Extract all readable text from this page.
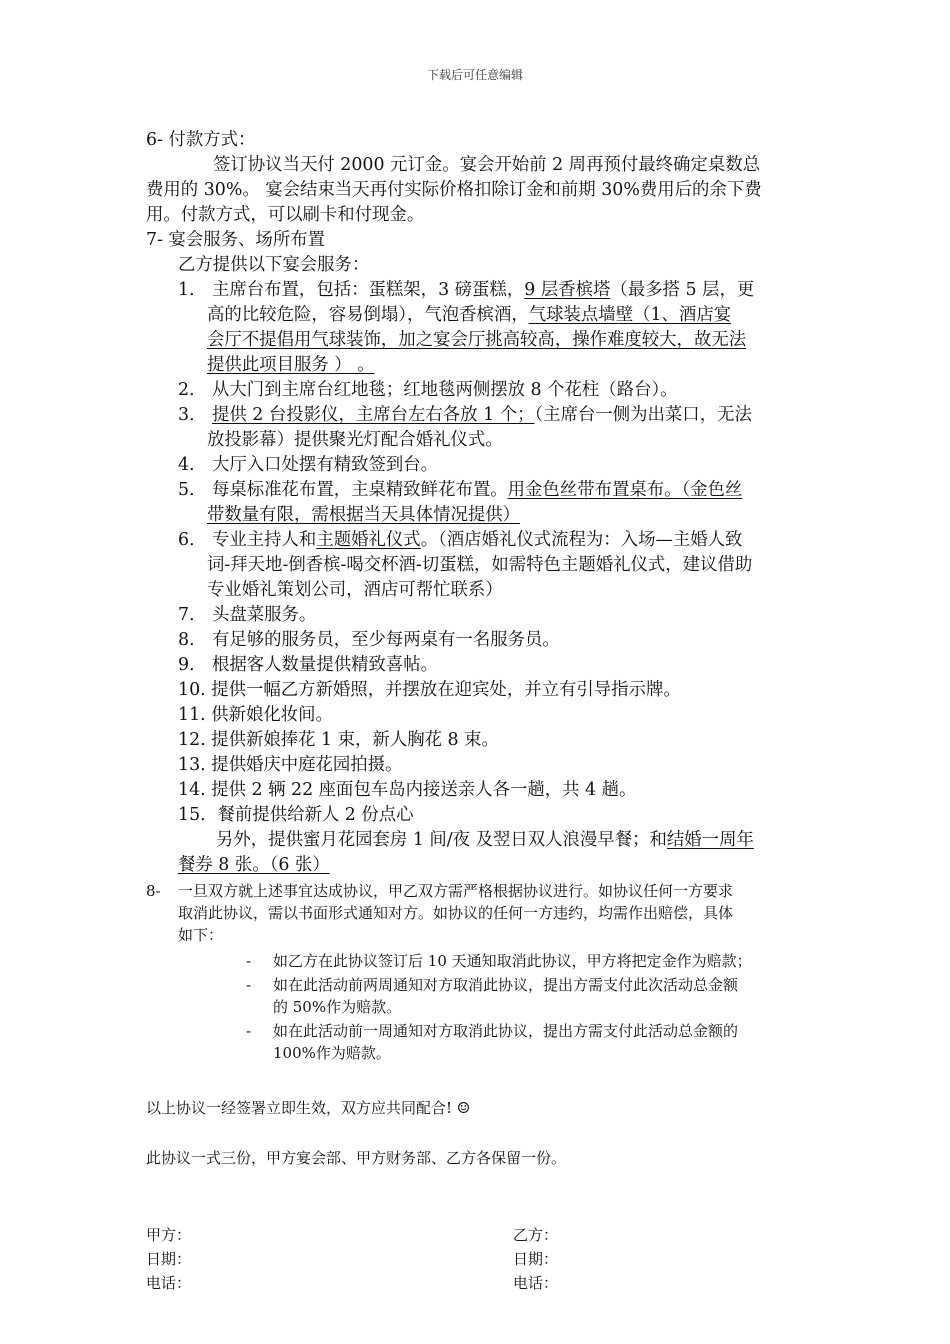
下载后可任意编辑
6- 付款方式：
签订协议当天付 2000 元订金。宴会开始前 2 周再预付最终确定桌数总
费用的 30%。 宴会结束当天再付实际价格扣除订金和前期 30%费用后的余下费
用。付款方式，可以刷卡和付现金。
7- 宴会服务、场所布置
乙方提供以下宴会服务：
1． 主席台布置，包括：蛋糕架，3 磅蛋糕，9 层香槟塔（最多搭 5 层，更
高的比较危险，容易倒塌），气泡香槟酒，气球装点墙壁（1、酒店宴
会厅不提倡用气球装饰，加之宴会厅挑高较高，操作难度较大，故无法
提供此项目服务 ） 。
2． 从大门到主席台红地毯；红地毯两侧摆放 8 个花柱（路台）。
3． 提供 2 台投影仪，主席台左右各放 1 个；（主席台一侧为出菜口，无法
放投影幕）提供聚光灯配合婚礼仪式。
4． 大厅入口处摆有精致签到台。
5． 每桌标准花布置，主桌精致鲜花布置。用金色丝带布置桌布。（金色丝
带数量有限，需根据当天具体情况提供）
6． 专业主持人和主题婚礼仪式。（酒店婚礼仪式流程为：入场—主婚人致
词-拜天地-倒香槟-喝交杯酒-切蛋糕，如需特色主题婚礼仪式，建议借助
专业婚礼策划公司，酒店可帮忙联系）
7． 头盘菜服务。
8． 有足够的服务员，至少每两桌有一名服务员。
9． 根据客人数量提供精致喜帖。
10. 提供一幅乙方新婚照，并摆放在迎宾处，并立有引导指示牌。
11. 供新娘化妆间。
12. 提供新娘捧花 1 束，新人胸花 8 束。
13. 提供婚庆中庭花园拍摄。
14. 提供 2 辆 22 座面包车岛内接送亲人各一趟，共 4 趟。
15．餐前提供给新人 2 份点心
另外，提供蜜月花园套房 1 间/夜 及翌日双人浪漫早餐；和结婚一周年
餐券 8 张。（6 张）
8- 一旦双方就上述事宜达成协议，甲乙双方需严格根据协议进行。如协议任何一方要求
取消此协议，需以书面形式通知对方。如协议的任何一方违约，均需作出赔偿，具体
如下：
- 如乙方在此协议签订后 10 天通知取消此协议，甲方将把定金作为赔款；
- 如在此活动前两周通知对方取消此协议，提出方需支付此次活动总金额
的 50%作为赔款。
- 如在此活动前一周通知对方取消此协议，提出方需支付此活动总金额的
100%作为赔款。
以上协议一经签署立即生效，双方应共同配合! ☺
此协议一式三份，甲方宴会部、甲方财务部、乙方各保留一份。
甲方：	乙方：
日期：	日期：
电话：	电话：
